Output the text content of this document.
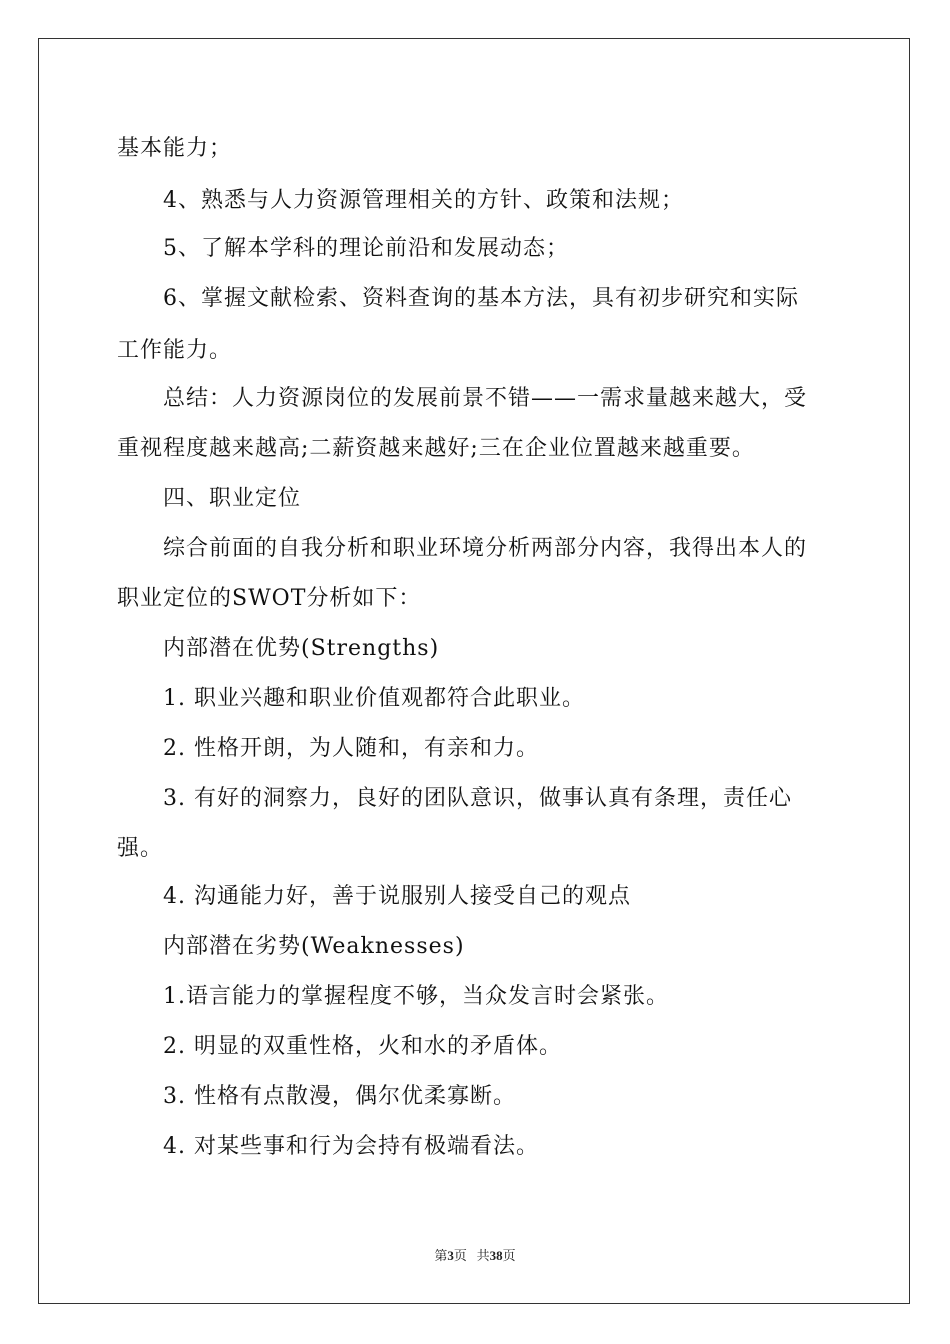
基本能力；
4、熟悉与人力资源管理相关的方针、政策和法规；
5、了解本学科的理论前沿和发展动态；
6、掌握文献检索、资料查询的基本方法，具有初步研究和实际
工作能力。
总结：人力资源岗位的发展前景不错——一需求量越来越大，受
重视程度越来越高;二薪资越来越好;三在企业位置越来越重要。
四、职业定位
综合前面的自我分析和职业环境分析两部分内容，我得出本人的
职业定位的SWOT分析如下：
内部潜在优势(Strengths)
1. 职业兴趣和职业价值观都符合此职业。
2. 性格开朗，为人随和，有亲和力。
3. 有好的洞察力，良好的团队意识，做事认真有条理，责任心
强。
4. 沟通能力好，善于说服别人接受自己的观点
内部潜在劣势(Weaknesses)
1.语言能力的掌握程度不够，当众发言时会紧张。
2. 明显的双重性格，火和水的矛盾体。
3. 性格有点散漫，偶尔优柔寡断。
4. 对某些事和行为会持有极端看法。
第3页 共38页
